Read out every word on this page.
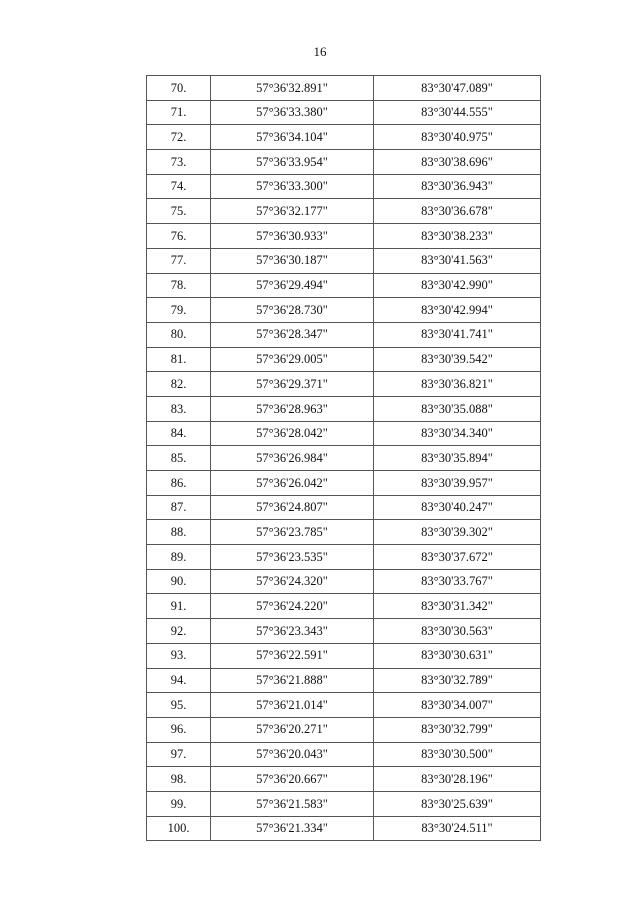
16
70.	57°36'32.891"	83°30'47.089"
71.	57°36'33.380"	83°30'44.555"
72.	57°36'34.104"	83°30'40.975"
73.	57°36'33.954"	83°30'38.696"
74.	57°36'33.300"	83°30'36.943"
75.	57°36'32.177"	83°30'36.678"
76.	57°36'30.933"	83°30'38.233"
77.	57°36'30.187"	83°30'41.563"
78.	57°36'29.494"	83°30'42.990"
79.	57°36'28.730"	83°30'42.994"
80.	57°36'28.347"	83°30'41.741"
81.	57°36'29.005"	83°30'39.542"
82.	57°36'29.371"	83°30'36.821"
83.	57°36'28.963"	83°30'35.088"
84.	57°36'28.042"	83°30'34.340"
85.	57°36'26.984"	83°30'35.894"
86.	57°36'26.042"	83°30'39.957"
87.	57°36'24.807"	83°30'40.247"
88.	57°36'23.785"	83°30'39.302"
89.	57°36'23.535"	83°30'37.672"
90.	57°36'24.320"	83°30'33.767"
91.	57°36'24.220"	83°30'31.342"
92.	57°36'23.343"	83°30'30.563"
93.	57°36'22.591"	83°30'30.631"
94.	57°36'21.888"	83°30'32.789"
95.	57°36'21.014"	83°30'34.007"
96.	57°36'20.271"	83°30'32.799"
97.	57°36'20.043"	83°30'30.500"
98.	57°36'20.667"	83°30'28.196"
99.	57°36'21.583"	83°30'25.639"
100.	57°36'21.334"	83°30'24.511"
